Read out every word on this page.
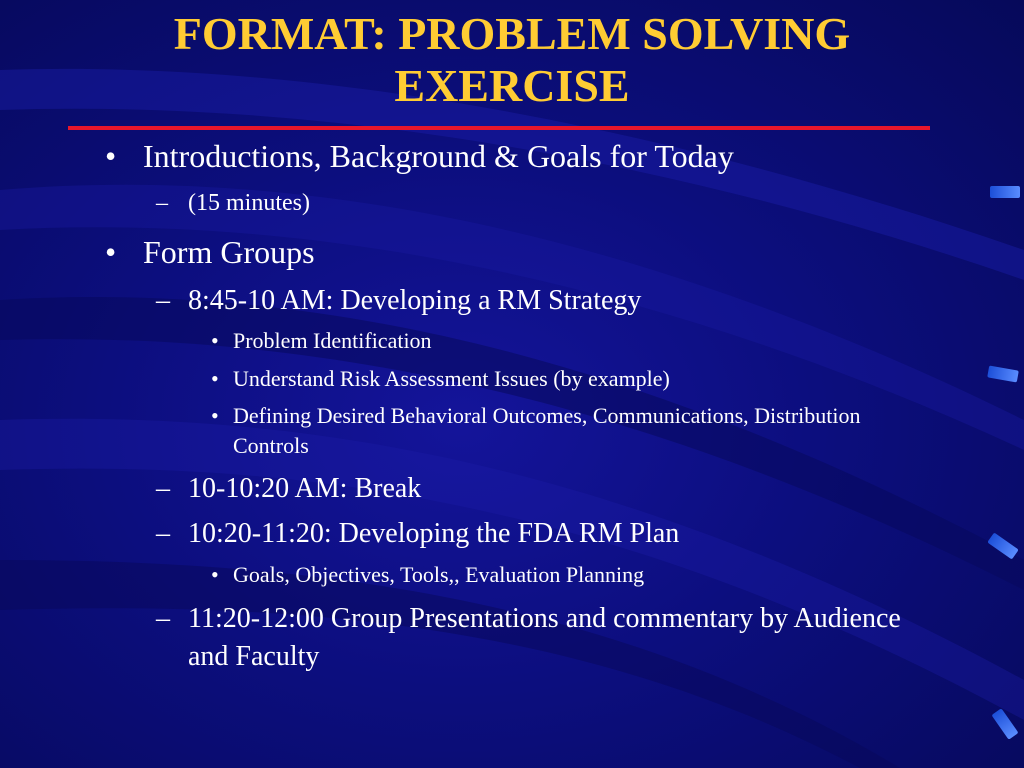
FORMAT: PROBLEM SOLVING
EXERCISE
• Introductions, Background & Goals for Today
– (15 minutes)
• Form Groups
– 8:45-10 AM: Developing a RM Strategy
• Problem Identification
• Understand Risk Assessment Issues (by example)
• Defining Desired Behavioral Outcomes, Communications, Distribution Controls
– 10-10:20 AM: Break
– 10:20-11:20: Developing the FDA RM Plan
• Goals, Objectives, Tools,, Evaluation Planning
– 11:20-12:00 Group Presentations and commentary by Audience and Faculty
